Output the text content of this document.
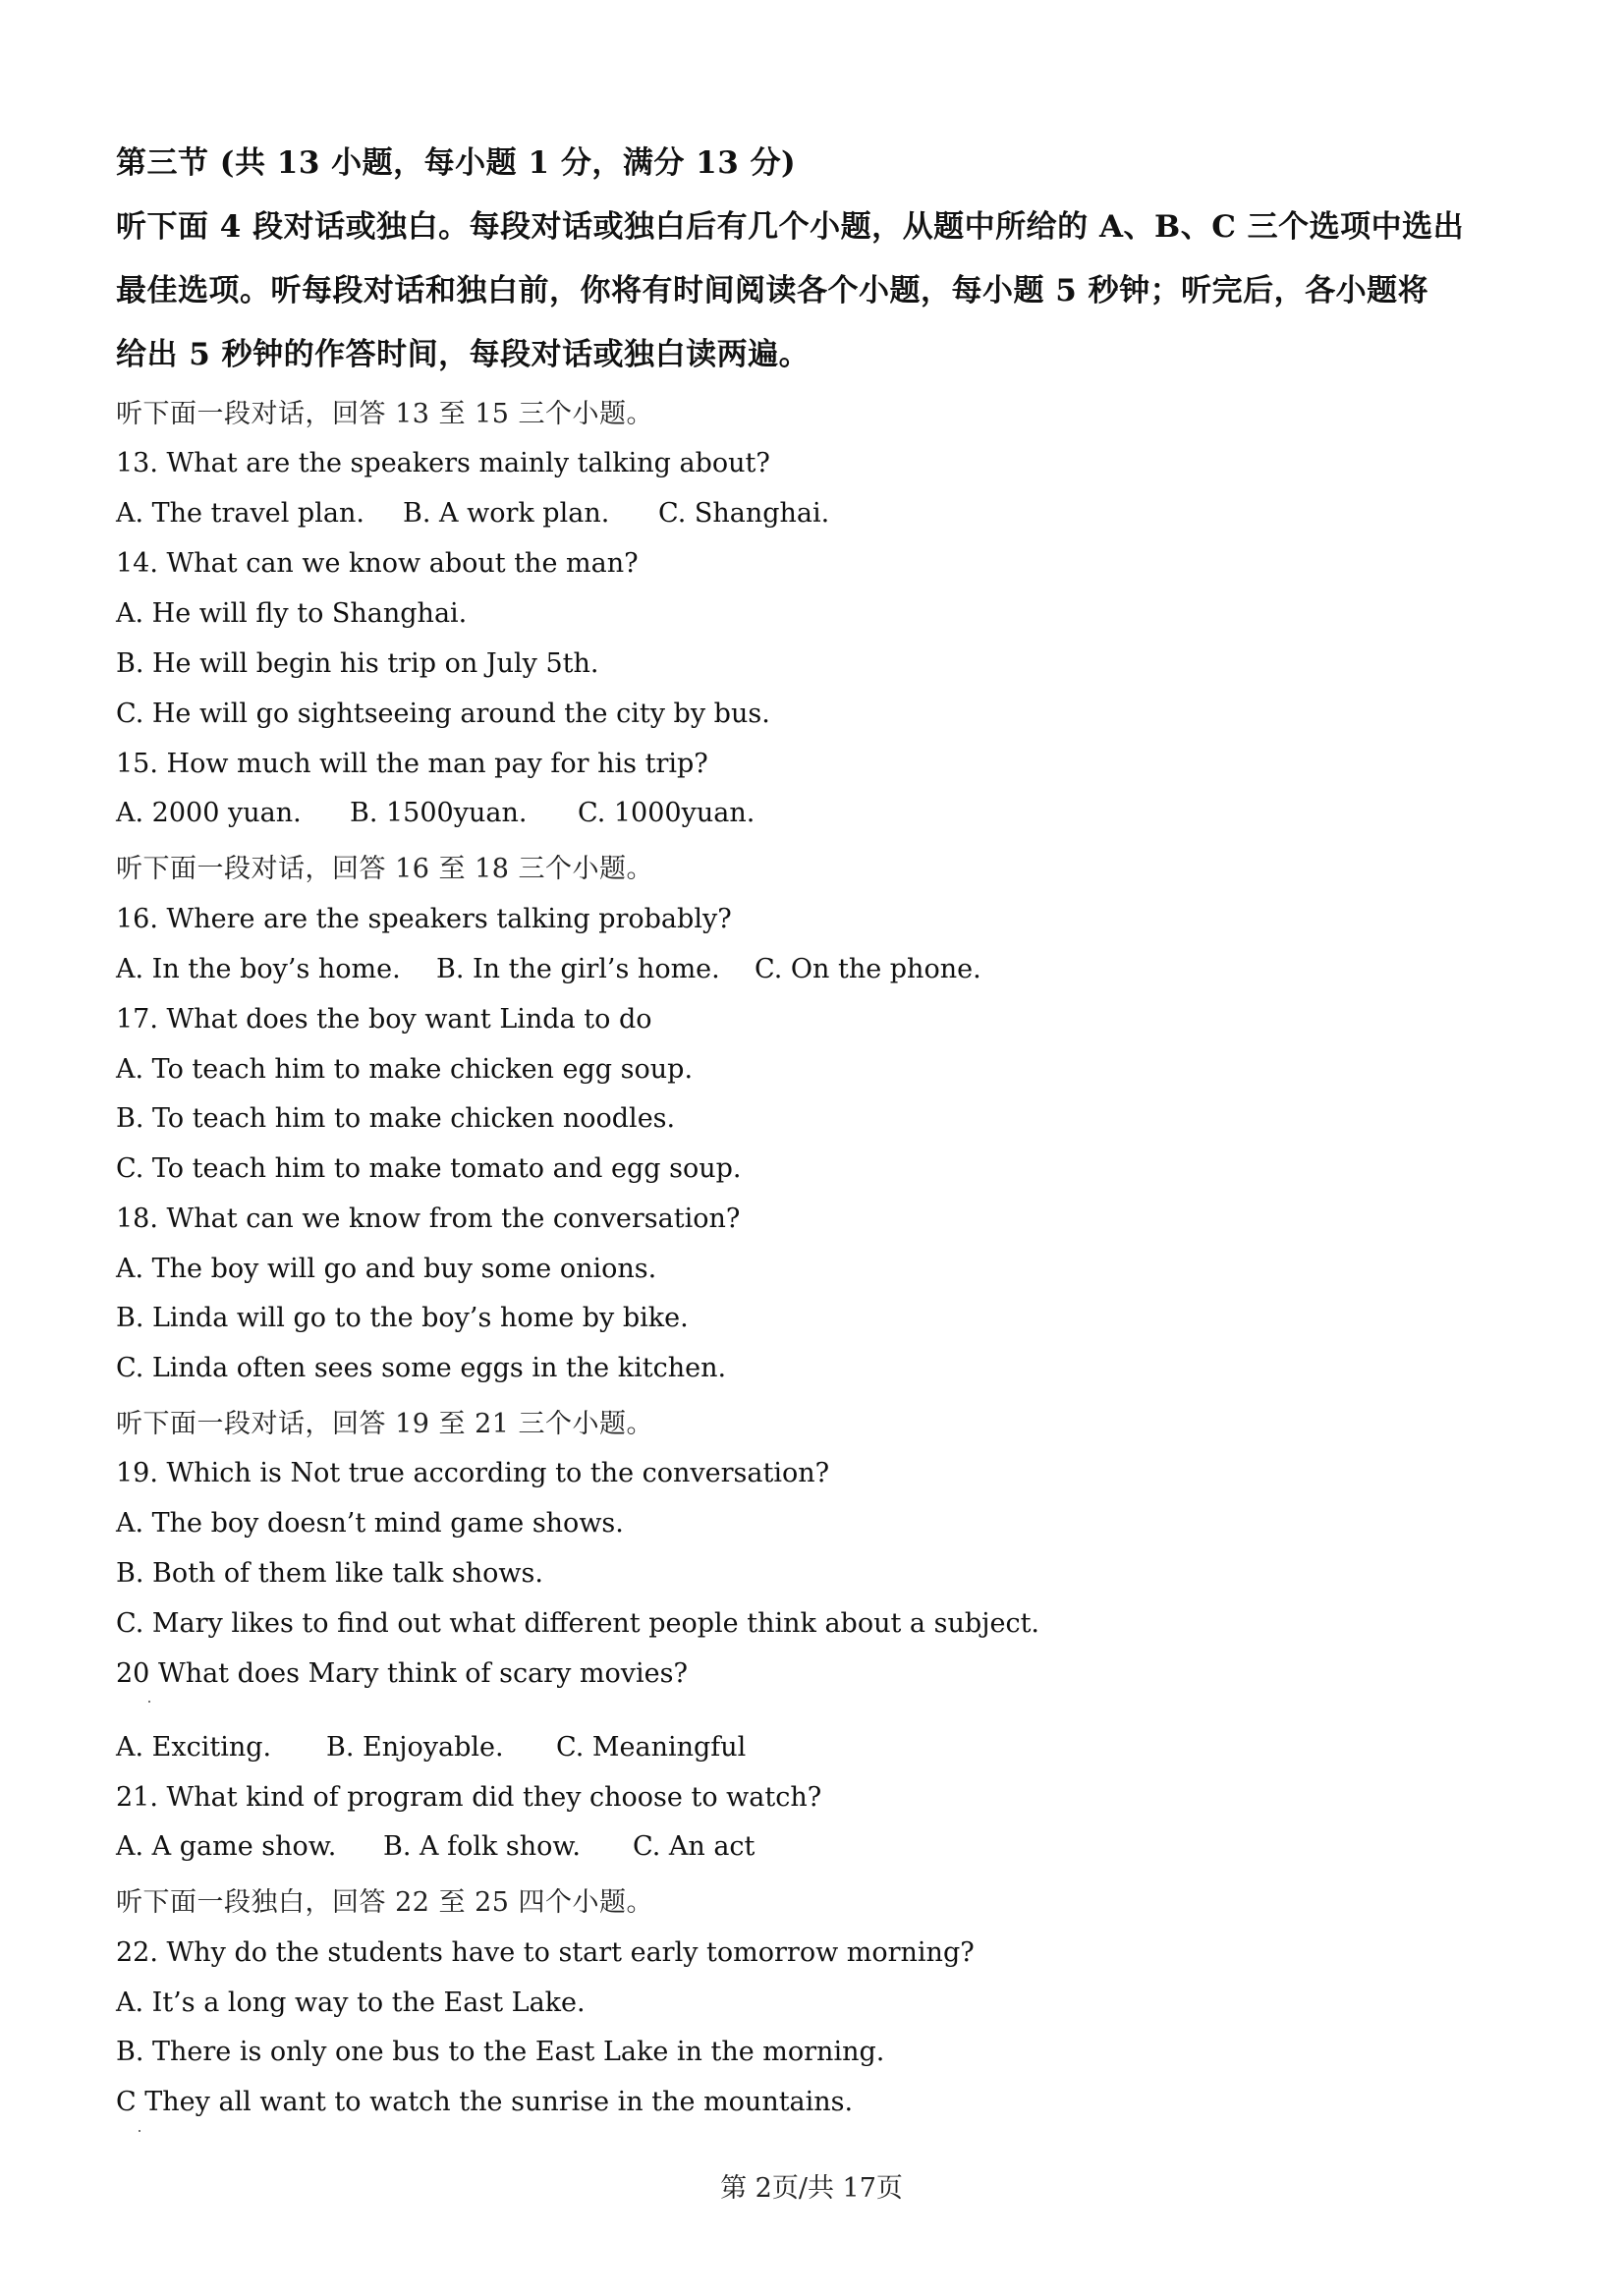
第三节 (共 13 小题，每小题 1 分，满分 13 分)
听下面 4 段对话或独白。每段对话或独白后有几个小题，从题中所给的 A、B、C 三个选项中选出
最佳选项。听每段对话和独白前，你将有时间阅读各个小题，每小题 5 秒钟；听完后，各小题将
给出 5 秒钟的作答时间，每段对话或独白读两遍。
听下面一段对话，回答 13 至 15 三个小题。
13. What are the speakers mainly talking about?
A. The travel plan.	B. A work plan.	C. Shanghai.
14. What can we know about the man?
A. He will fly to Shanghai.
B. He will begin his trip on July 5th.
C. He will go sightseeing around the city by bus.
15. How much will the man pay for his trip?
A. 2000 yuan.	B. 1500yuan.	C. 1000yuan.
听下面一段对话，回答 16 至 18 三个小题。
16. Where are the speakers talking probably?
A. In the boy’s home.	B. In the girl’s home.	C. On the phone.
17. What does the boy want Linda to do
A. To teach him to make chicken egg soup.
B. To teach him to make chicken noodles.
C. To teach him to make tomato and egg soup.
18. What can we know from the conversation?
A. The boy will go and buy some onions.
B. Linda will go to the boy’s home by bike.
C. Linda often sees some eggs in the kitchen.
听下面一段对话，回答 19 至 21 三个小题。
19. Which is Not true according to the conversation?
A. The boy doesn’t mind game shows.
B. Both of them like talk shows.
C. Mary likes to find out what different people think about a subject.
20 What does Mary think of scary movies?
A. Exciting.	B. Enjoyable.	C. Meaningful
21. What kind of program did they choose to watch?
A. A game show.	B. A folk show.	C. An act
听下面一段独白，回答 22 至 25 四个小题。
22. Why do the students have to start early tomorrow morning?
A. It’s a long way to the East Lake.
B. There is only one bus to the East Lake in the morning.
C They all want to watch the sunrise in the mountains.
第 2页/共 17页
